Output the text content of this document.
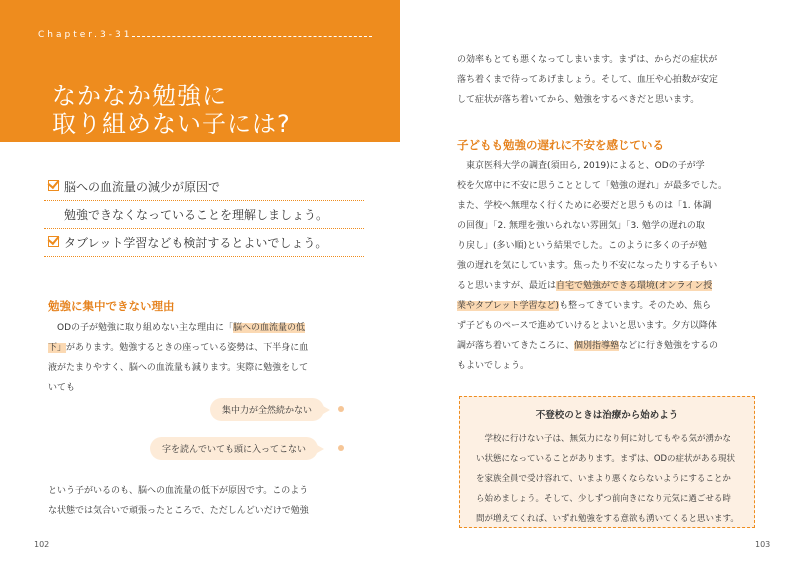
Chapter.3-31
なかなか勉強に
取り組めない子には?
脳への血流量の減少が原因で
勉強できなくなっていることを理解しましょう。
タブレット学習なども検討するとよいでしょう。
勉強に集中できない理由

　ODの子が勉強に取り組めない主な理由に「脳への血流量の低

下」があります。勉強するときの座っている姿勢は、下半身に血

液がたまりやすく、脳への血流量も減ります。実際に勉強をして

いても

集中力が全然続かない
字を読んでいても頭に入ってこない

という子がいるのも、脳への血流量の低下が原因です。このよう

な状態では気合いで頑張ったところで、ただしんどいだけで勉強

102

の効率もとても悪くなってしまいます。まずは、からだの症状が

落ち着くまで待ってあげましょう。そして、血圧や心拍数が安定

して症状が落ち着いてから、勉強をするべきだと思います。

子どもも勉強の遅れに不安を感じている

　東京医科大学の調査(須田ら, 2019)によると、ODの子が学

校を欠席中に不安に思うこととして「勉強の遅れ」が最多でした。

また、学校へ無理なく行くために必要だと思うものは「1. 体調

の回復」「2. 無理を強いられない雰囲気」「3. 勉学の遅れの取

り戻し」(多い順)という結果でした。このように多くの子が勉

強の遅れを気にしています。焦ったり不安になったりする子もい

ると思いますが、最近は自宅で勉強ができる環境(オンライン授

業やタブレット学習など)も整ってきています。そのため、焦ら

ず子どものペースで進めていけるとよいと思います。夕方以降体

調が落ち着いてきたころに、個別指導塾などに行き勉強をするの

もよいでしょう。

103
不登校のときは治療から始めよう
　学校に行けない子は、無気力になり何に対してもやる気が湧かな
い状態になっていることがあります。まずは、ODの症状がある現状
を家族全員で受け容れて、いまより悪くならないようにすることか
ら始めましょう。そして、少しずつ前向きになり元気に過ごせる時
間が増えてくれば、いずれ勉強をする意欲も湧いてくると思います。
